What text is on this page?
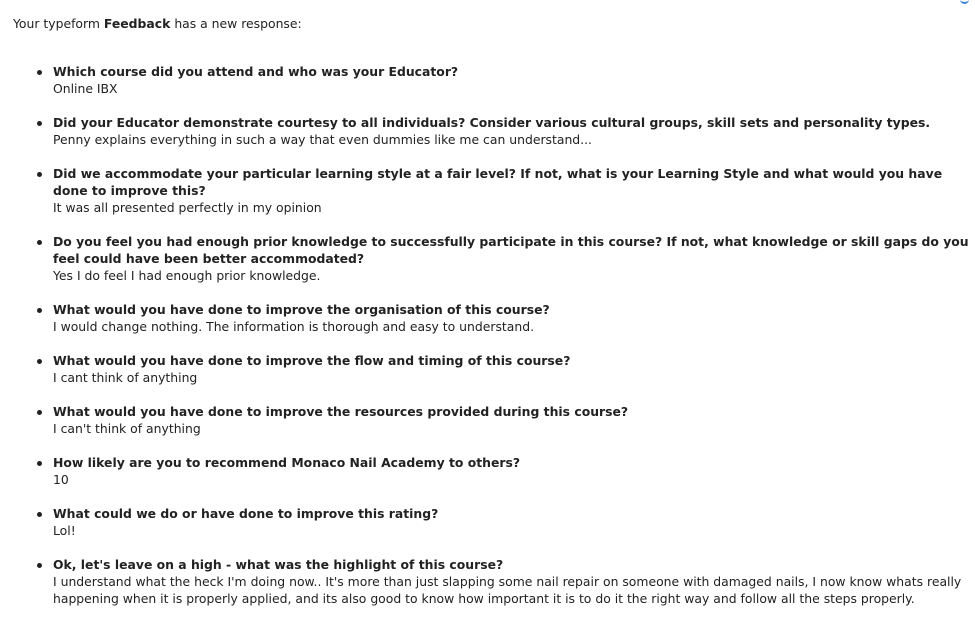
Your typeform Feedback has a new response:
Which course did you attend and who was your Educator?
Online IBX
Did your Educator demonstrate courtesy to all individuals? Consider various cultural groups, skill sets and personality types.
Penny explains everything in such a way that even dummies like me can understand...
Did we accommodate your particular learning style at a fair level? If not, what is your Learning Style and what would you have done to improve this?
It was all presented perfectly in my opinion
Do you feel you had enough prior knowledge to successfully participate in this course? If not, what knowledge or skill gaps do you feel could have been better accommodated?
Yes I do feel I had enough prior knowledge.
What would you have done to improve the organisation of this course?
I would change nothing. The information is thorough and easy to understand.
What would you have done to improve the flow and timing of this course?
I cant think of anything
What would you have done to improve the resources provided during this course?
I can't think of anything
How likely are you to recommend Monaco Nail Academy to others?
10
What could we do or have done to improve this rating?
Lol!
Ok, let's leave on a high - what was the highlight of this course?
I understand what the heck I'm doing now.. It's more than just slapping some nail repair on someone with damaged nails, I now know whats really happening when it is properly applied, and its also good to know how important it is to do it the right way and follow all the steps properly.
